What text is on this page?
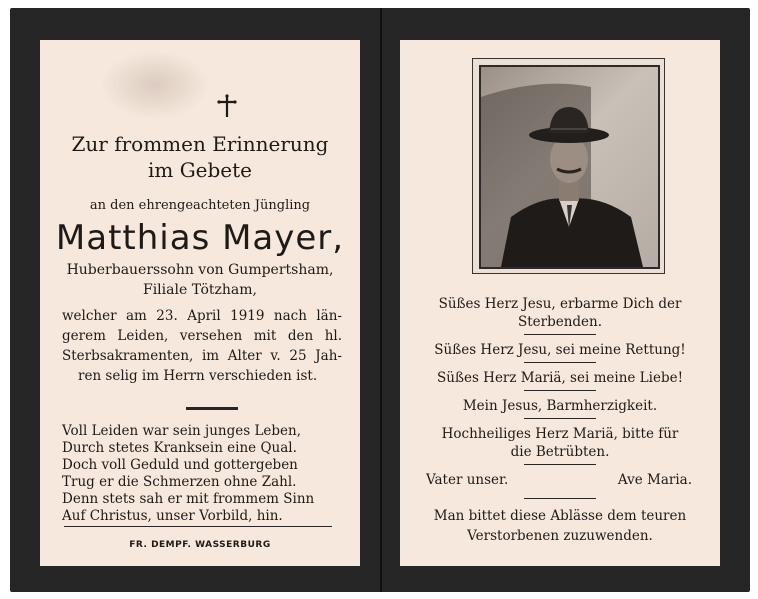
Zur frommen Erinnerung
im Gebete
an den ehrengeachteten Jüngling
Matthias Mayer,
Huberbauerssohn von Gumpertsham,
Filiale Tötzham,
welcher am 23. April 1919 nach län-
gerem Leiden, versehen mit den hl.
Sterbsakramenten, im Alter v. 25 Jah-
ren selig im Herrn verschieden ist.
Voll Leiden war sein junges Leben,
Durch stetes Kranksein eine Qual.
Doch voll Geduld und gottergeben
Trug er die Schmerzen ohne Zahl.
Denn stets sah er mit frommem Sinn
Auf Christus, unser Vorbild, hin.
FR. DEMPF. WASSERBURG
Süßes Herz Jesu, erbarme Dich der
Sterbenden.
Süßes Herz Jesu, sei meine Rettung!
Süßes Herz Mariä, sei meine Liebe!
Mein Jesus, Barmherzigkeit.
Hochheiliges Herz Mariä, bitte für
die Betrübten.
Vater unser.	Ave Maria.
Man bittet diese Ablässe dem teuren
Verstorbenen zuzuwenden.
